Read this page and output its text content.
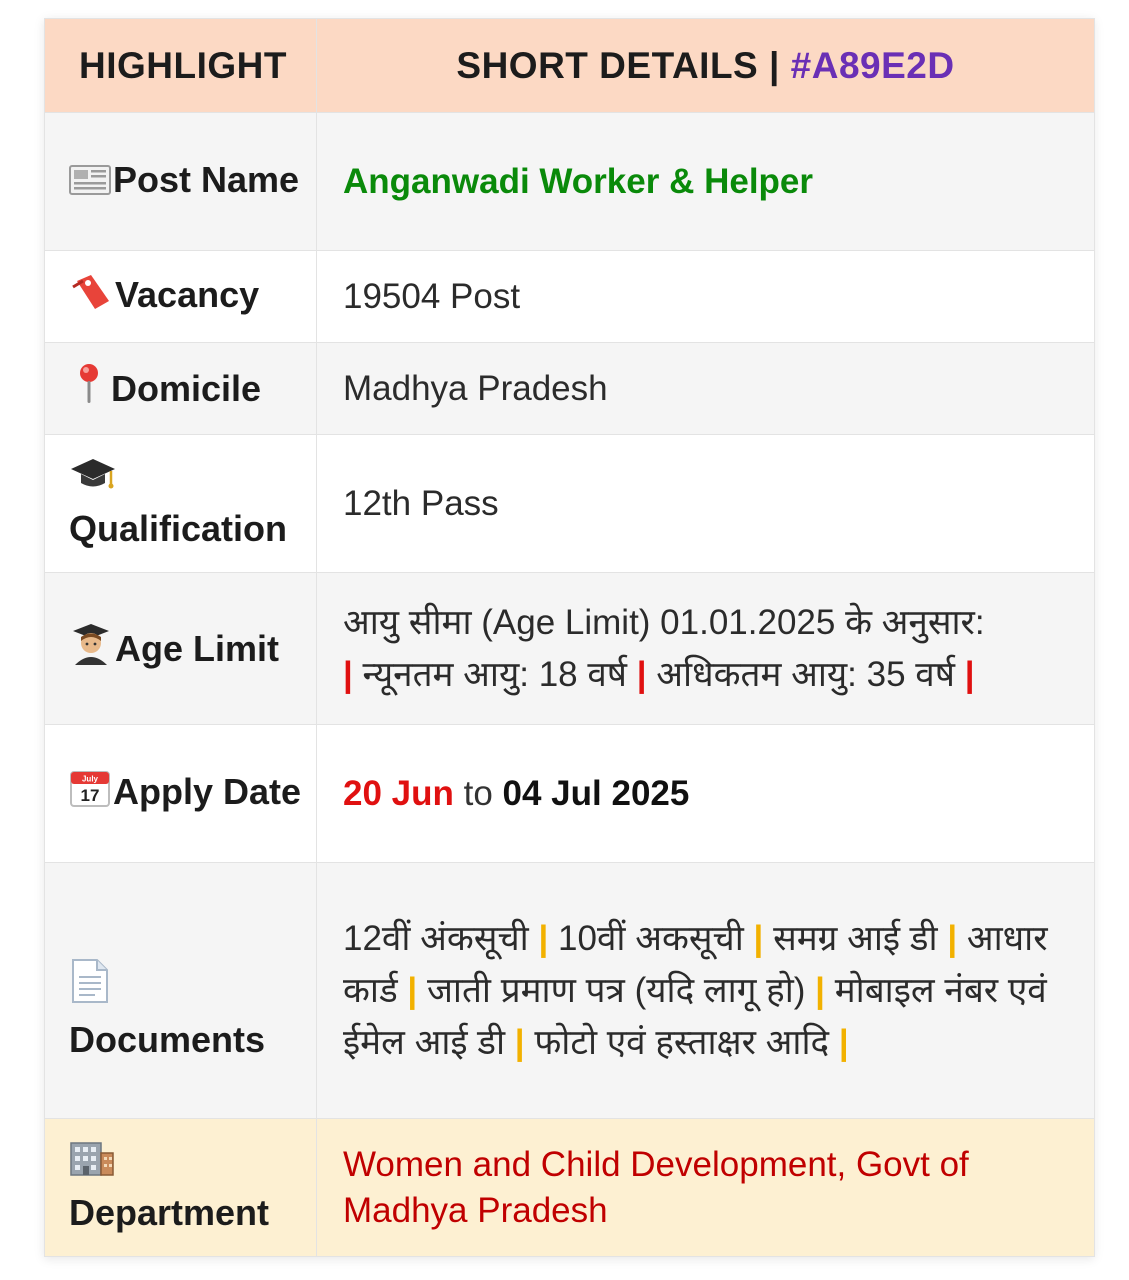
HIGHLIGHT	SHORT DETAILS | #A89E2D
Post Name	Anganwadi Worker & Helper
Vacancy	19504 Post
Domicile	Madhya Pradesh

Qualification	12th Pass
Age Limit	आयु सीमा (Age Limit) 01.01.2025 के अनुसार:
| न्यूनतम आयु: 18 वर्ष | अधिकतम आयु: 35 वर्ष |

July
17 Apply Date	20 Jun to 04 Jul 2025

Documents	12वीं अंकसूची | 10वीं अकसूची | समग्र आई डी | आधार कार्ड | जाती प्रमाण पत्र (यदि लागू हो) | मोबाइल नंबर एवं ईमेल आई डी | फोटो एवं हस्ताक्षर आदि |

Department	Women and Child Development, Govt of Madhya Pradesh
